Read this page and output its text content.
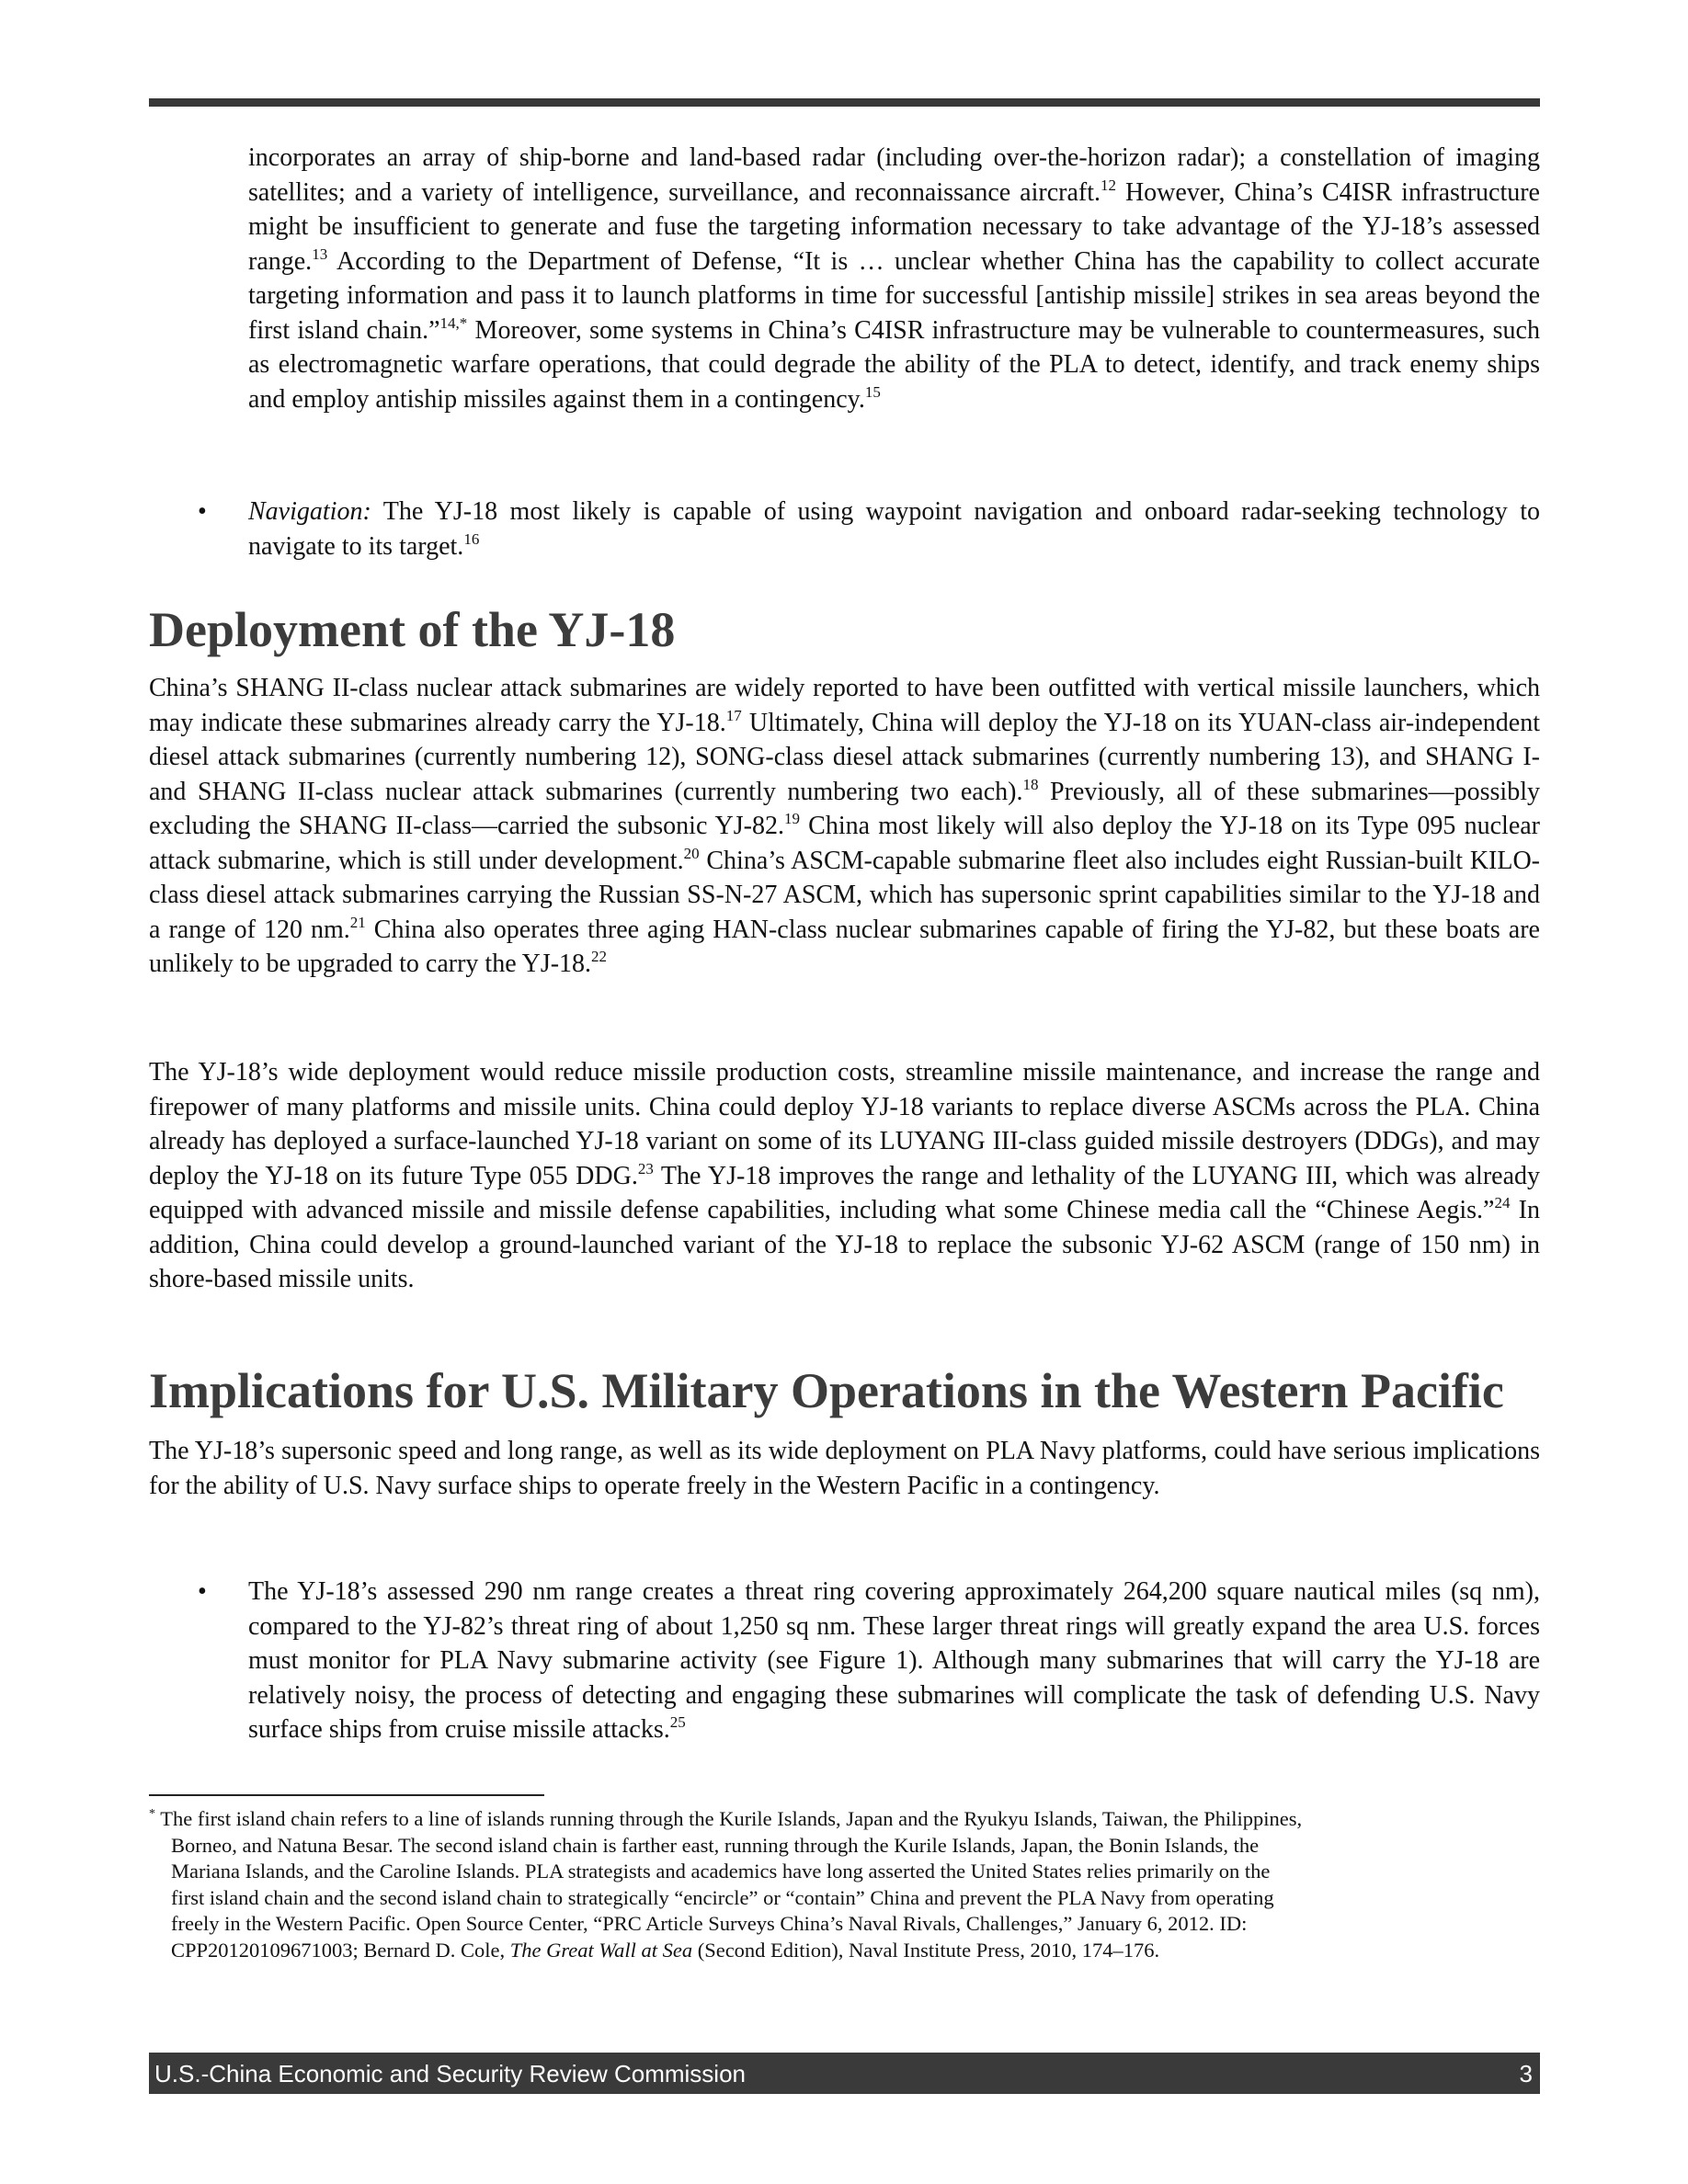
incorporates an array of ship-borne and land-based radar (including over-the-horizon radar); a constellation of imaging satellites; and a variety of intelligence, surveillance, and reconnaissance aircraft.$^{12}$ However, China’s C4ISR infrastructure might be insufficient to generate and fuse the targeting information necessary to take advantage of the YJ-18’s assessed range.$^{13}$ According to the Department of Defense, “It is … unclear whether China has the capability to collect accurate targeting information and pass it to launch platforms in time for successful [antiship missile] strikes in sea areas beyond the first island chain.”$^{14,*}$ Moreover, some systems in China’s C4ISR infrastructure may be vulnerable to countermeasures, such as electromagnetic warfare operations, that could degrade the ability of the PLA to detect, identify, and track enemy ships and employ antiship missiles against them in a contingency.$^{15}$

• Navigation: The YJ-18 most likely is capable of using waypoint navigation and onboard radar-seeking technology to navigate to its target.$^{16}$

Deployment of the YJ-18

China’s SHANG II-class nuclear attack submarines are widely reported to have been outfitted with vertical missile launchers, which may indicate these submarines already carry the YJ-18.17 Ultimately, China will deploy the YJ-18 on its YUAN-class air-independent diesel attack submarines (currently numbering 12), SONG-class diesel attack submarines (currently numbering 13), and SHANG I- and SHANG II-class nuclear attack submarines (currently numbering two each).$^{18}$ Previously, all of these submarines—possibly excluding the SHANG II-class—carried the subsonic YJ-82.19 China most likely will also deploy the YJ-18 on its Type 095 nuclear attack submarine, which is still under development.$^{20}$ China’s ASCM-capable submarine fleet also includes eight Russian-built KILO-class diesel attack submarines carrying the Russian SS-N-27 ASCM, which has supersonic sprint capabilities similar to the YJ-18 and a range of 120 nm.$^{21}$ China also operates three aging HAN-class nuclear submarines capable of firing the YJ-82, but these boats are unlikely to be upgraded to carry the YJ-18.22

The YJ-18’s wide deployment would reduce missile production costs, streamline missile maintenance, and increase the range and firepower of many platforms and missile units. China could deploy YJ-18 variants to replace diverse ASCMs across the PLA. China already has deployed a surface-launched YJ-18 variant on some of its LUYANG III-class guided missile destroyers (DDGs), and may deploy the YJ-18 on its future Type 055 DDG.$^{23}$ The YJ-18 improves the range and lethality of the LUYANG III, which was already equipped with advanced missile and missile defense capabilities, including what some Chinese media call the “Chinese Aegis.”$^{24}$ In addition, China could develop a ground-launched variant of the YJ-18 to replace the subsonic YJ-62 ASCM (range of 150 nm) in shore-based missile units.

Implications for U.S. Military Operations in the Western Pacific

The YJ-18’s supersonic speed and long range, as well as its wide deployment on PLA Navy platforms, could have serious implications for the ability of U.S. Navy surface ships to operate freely in the Western Pacific in a contingency.

• The YJ-18’s assessed 290 nm range creates a threat ring covering approximately 264,200 square nautical miles (sq nm), compared to the YJ-82’s threat ring of about 1,250 sq nm. These larger threat rings will greatly expand the area U.S. forces must monitor for PLA Navy submarine activity (see Figure 1). Although many submarines that will carry the YJ-18 are relatively noisy, the process of detecting and engaging these submarines will complicate the task of defending U.S. Navy surface ships from cruise missile attacks.$^{25}$

* The first island chain refers to a line of islands running through the Kurile Islands, Japan and the Ryukyu Islands, Taiwan, the Philippines,
Borneo, and Natuna Besar. The second island chain is farther east, running through the Kurile Islands, Japan, the Bonin Islands, the
Mariana Islands, and the Caroline Islands. PLA strategists and academics have long asserted the United States relies primarily on the
first island chain and the second island chain to strategically “encircle” or “contain” China and prevent the PLA Navy from operating
freely in the Western Pacific. Open Source Center, “PRC Article Surveys China’s Naval Rivals, Challenges,” January 6, 2012. ID:
CPP20120109671003; Bernard D. Cole, The Great Wall at Sea (Second Edition), Naval Institute Press, 2010, 174–176.

U.S.-China Economic and Security Review Commission	3
